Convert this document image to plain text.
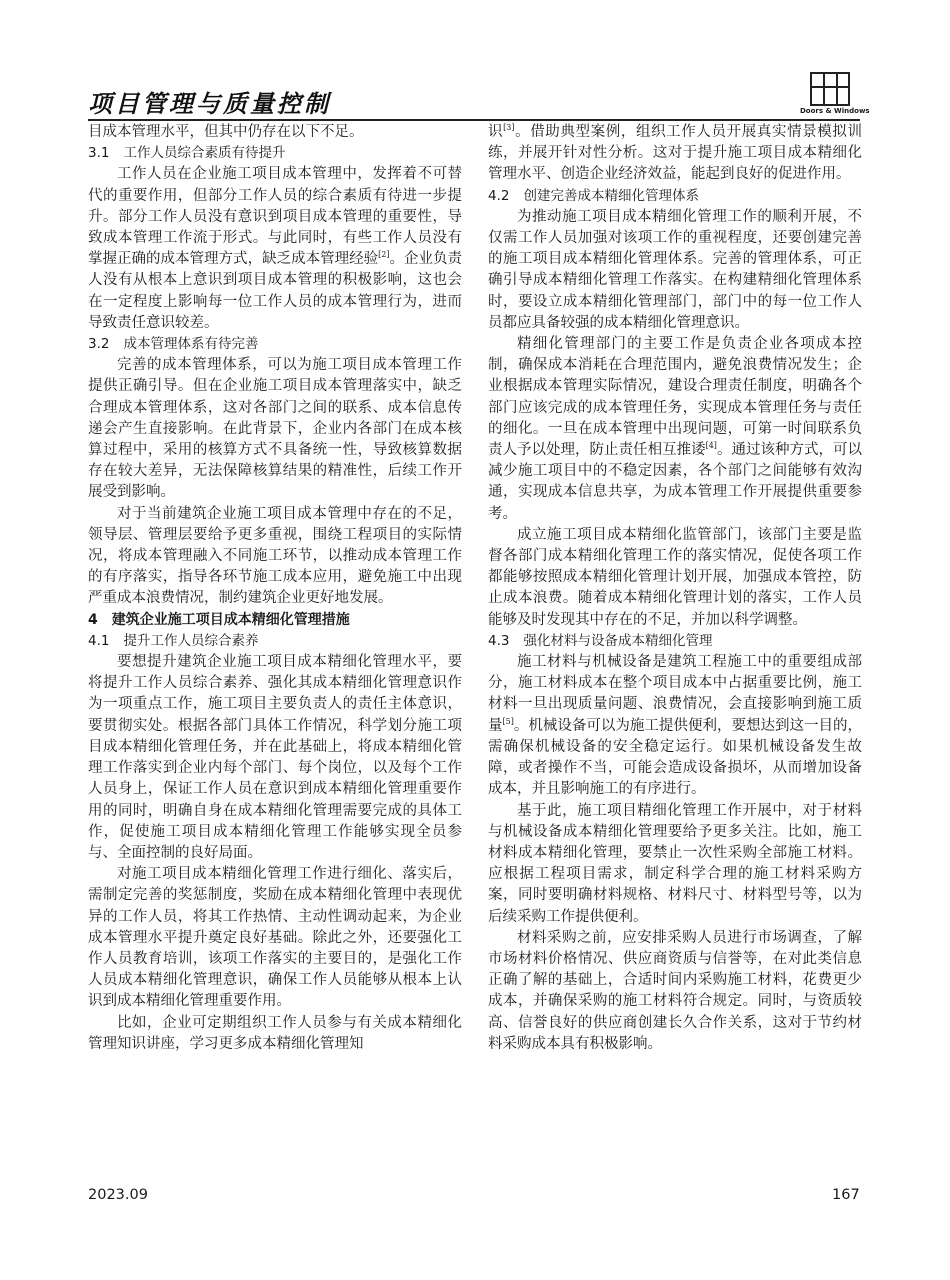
项目管理与质量控制	Doors & Windows

目成本管理水平，但其中仍存在以下不足。

3.1 工作人员综合素质有待提升

工作人员在企业施工项目成本管理中，发挥着不可替代的重要作用，但部分工作人员的综合素质有待进一步提升。部分工作人员没有意识到项目成本管理的重要性，导致成本管理工作流于形式。与此同时，有些工作人员没有掌握正确的成本管理方式，缺乏成本管理经验[2]。企业负责人没有从根本上意识到项目成本管理的积极影响，这也会在一定程度上影响每一位工作人员的成本管理行为，进而导致责任意识较差。

3.2 成本管理体系有待完善

完善的成本管理体系，可以为施工项目成本管理工作提供正确引导。但在企业施工项目成本管理落实中，缺乏合理成本管理体系，这对各部门之间的联系、成本信息传递会产生直接影响。在此背景下，企业内各部门在成本核算过程中，采用的核算方式不具备统一性，导致核算数据存在较大差异，无法保障核算结果的精准性，后续工作开展受到影响。

对于当前建筑企业施工项目成本管理中存在的不足，领导层、管理层要给予更多重视，围绕工程项目的实际情况，将成本管理融入不同施工环节，以推动成本管理工作的有序落实，指导各环节施工成本应用，避免施工中出现严重成本浪费情况，制约建筑企业更好地发展。

4 建筑企业施工项目成本精细化管理措施
4.1 提升工作人员综合素养

要想提升建筑企业施工项目成本精细化管理水平，要将提升工作人员综合素养、强化其成本精细化管理意识作为一项重点工作，施工项目主要负责人的责任主体意识，要贯彻实处。根据各部门具体工作情况，科学划分施工项目成本精细化管理任务，并在此基础上，将成本精细化管理工作落实到企业内每个部门、每个岗位，以及每个工作人员身上，保证工作人员在意识到成本精细化管理重要作用的同时，明确自身在成本精细化管理需要完成的具体工作，促使施工项目成本精细化管理工作能够实现全员参与、全面控制的良好局面。

对施工项目成本精细化管理工作进行细化、落实后，需制定完善的奖惩制度，奖励在成本精细化管理中表现优异的工作人员，将其工作热情、主动性调动起来，为企业成本管理水平提升奠定良好基础。除此之外，还要强化工作人员教育培训，该项工作落实的主要目的，是强化工作人员成本精细化管理意识，确保工作人员能够从根本上认识到成本精细化管理重要作用。

比如，企业可定期组织工作人员参与有关成本精细化管理知识讲座，学习更多成本精细化管理知

识[3]。借助典型案例，组织工作人员开展真实情景模拟训练，并展开针对性分析。这对于提升施工项目成本精细化管理水平、创造企业经济效益，能起到良好的促进作用。

4.2 创建完善成本精细化管理体系

为推动施工项目成本精细化管理工作的顺利开展，不仅需工作人员加强对该项工作的重视程度，还要创建完善的施工项目成本精细化管理体系。完善的管理体系，可正确引导成本精细化管理工作落实。在构建精细化管理体系时，要设立成本精细化管理部门，部门中的每一位工作人员都应具备较强的成本精细化管理意识。

精细化管理部门的主要工作是负责企业各项成本控制，确保成本消耗在合理范围内，避免浪费情况发生；企业根据成本管理实际情况，建设合理责任制度，明确各个部门应该完成的成本管理任务，实现成本管理任务与责任的细化。一旦在成本管理中出现问题，可第一时间联系负责人予以处理，防止责任相互推诿[4]。通过该种方式，可以减少施工项目中的不稳定因素，各个部门之间能够有效沟通，实现成本信息共享，为成本管理工作开展提供重要参考。

成立施工项目成本精细化监管部门，该部门主要是监督各部门成本精细化管理工作的落实情况，促使各项工作都能够按照成本精细化管理计划开展，加强成本管控，防止成本浪费。随着成本精细化管理计划的落实，工作人员能够及时发现其中存在的不足，并加以科学调整。

4.3 强化材料与设备成本精细化管理

施工材料与机械设备是建筑工程施工中的重要组成部分，施工材料成本在整个项目成本中占据重要比例，施工材料一旦出现质量问题、浪费情况，会直接影响到施工质量[5]。机械设备可以为施工提供便利，要想达到这一目的，需确保机械设备的安全稳定运行。如果机械设备发生故障，或者操作不当，可能会造成设备损坏，从而增加设备成本，并且影响施工的有序进行。

基于此，施工项目精细化管理工作开展中，对于材料与机械设备成本精细化管理要给予更多关注。比如，施工材料成本精细化管理，要禁止一次性采购全部施工材料。应根据工程项目需求，制定科学合理的施工材料采购方案，同时要明确材料规格、材料尺寸、材料型号等，以为后续采购工作提供便利。

材料采购之前，应安排采购人员进行市场调查，了解市场材料价格情况、供应商资质与信誉等，在对此类信息正确了解的基础上，合适时间内采购施工材料，花费更少成本，并确保采购的施工材料符合规定。同时，与资质较高、信誉良好的供应商创建长久合作关系，这对于节约材料采购成本具有积极影响。

2023.09	167
